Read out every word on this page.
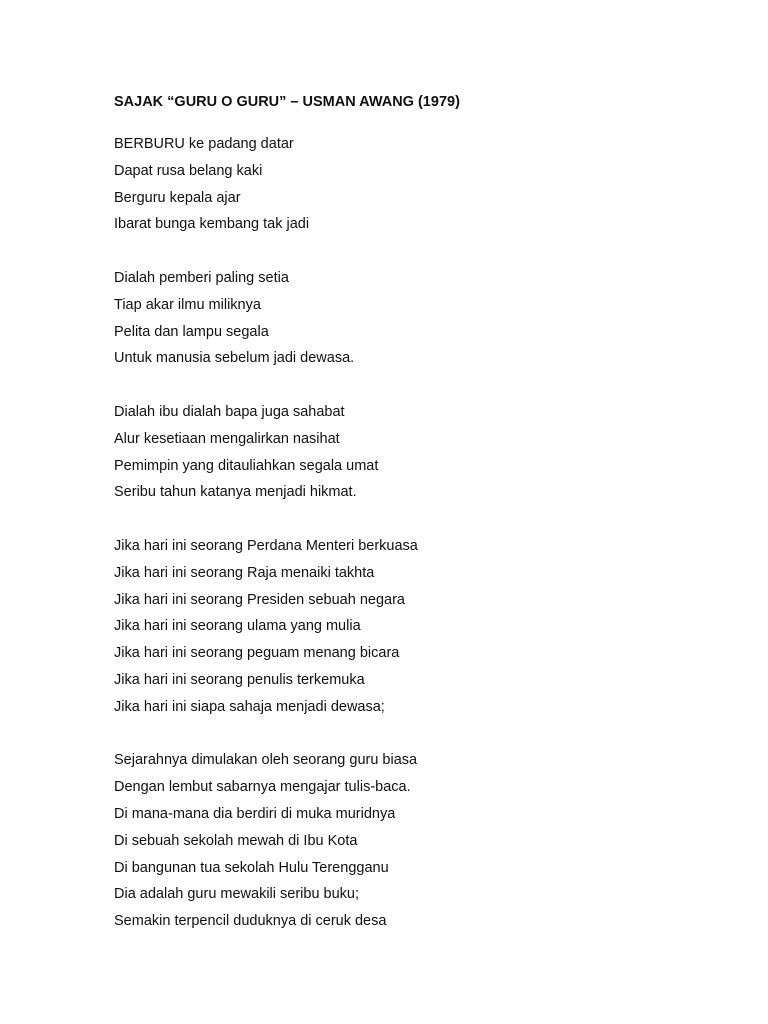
SAJAK “GURU O GURU” – USMAN AWANG (1979)
BERBURU ke padang datar
Dapat rusa belang kaki
Berguru kepala ajar
Ibarat bunga kembang tak jadi
Dialah pemberi paling setia
Tiap akar ilmu miliknya
Pelita dan lampu segala
Untuk manusia sebelum jadi dewasa.
Dialah ibu dialah bapa juga sahabat
Alur kesetiaan mengalirkan nasihat
Pemimpin yang ditauliahkan segala umat
Seribu tahun katanya menjadi hikmat.
Jika hari ini seorang Perdana Menteri berkuasa
Jika hari ini seorang Raja menaiki takhta
Jika hari ini seorang Presiden sebuah negara
Jika hari ini seorang ulama yang mulia
Jika hari ini seorang peguam menang bicara
Jika hari ini seorang penulis terkemuka
Jika hari ini siapa sahaja menjadi dewasa;
Sejarahnya dimulakan oleh seorang guru biasa
Dengan lembut sabarnya mengajar tulis-baca.
Di mana-mana dia berdiri di muka muridnya
Di sebuah sekolah mewah di Ibu Kota
Di bangunan tua sekolah Hulu Terengganu
Dia adalah guru mewakili seribu buku;
Semakin terpencil duduknya di ceruk desa
